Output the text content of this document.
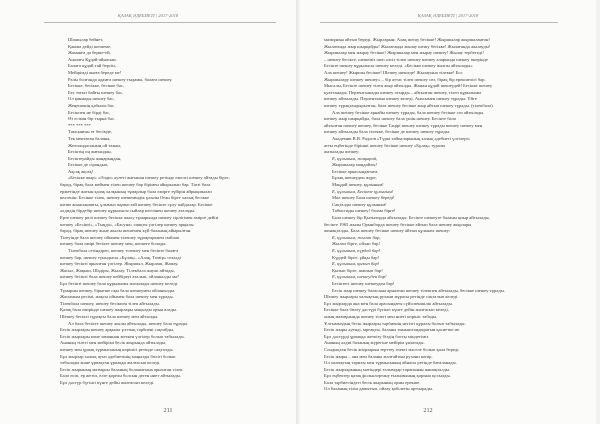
ҚАЗАҚ ӘДЕБИЕТІ | 2017-2018
Шашылар бейнет,
Қанша дейді шешеме,
Жаманға да берме-ей,
Аналаға Құдай-айнасын.
Балаға құдай тай берсін,
Мейірімді анаға береде ме!
Ралы болғанда адамға шешеу тыдамы, балаға шешеу.
Бесікке, бесікке, бесікке бас,
Бес тоғыз байғы шешеу бас,
Ол қаннады шешеу бас,
Жеңешенің қабылы бас.
Бесікпен не бірді бас,
Өз есімін бір тырна бас.
*** *** ***
Тамсынған ет бесімде,
Тек ментаған баланы,
Желсындасының ой таман,
Бесіктің оң жағындан,
Бесіктерайды жаңарыңдан,
Бесікке де сірандып,
Ақсақ ақсақ!
«Бесікке жыр» «Әлди» әулеті жағынан шешеу ретінде ежелгі шешеу айтады бірге,
барад, бірақ бала меймен тілеп шешеу бар бірімен айырылып бар. Тіпті бала
ержетінде жатын қазақ халқының тұмарлыр бала өмірге түйірін айрықшылап
келгенін. Бесікке тілек, шешеу шешеміндік ұлылы Оған бірге халық бесікке
шеше жынсынаяты, ұлымыз жұмыстай шешеу бесікте сұлу пайдалар. Бесікке
әлдидің бірдебір шешеу құрылысы сыйлар негізінен шешеу аталады.
Ерте шешеу рөлі шешеу бесікке жылу тұмарында шешеу тірлігімен өмірге дейін
шешеу «Бесікті», «Тыңда», «Басуна» сияқты үлгілер шешеу арқылы
барад, бірақ шешеу және жылы шешемен күй баланың айырылған.
Тілеуінде бала шешеу ойымен тілешеу тұрақтарамен сыйлап
шешеу бала өмірі бесікте шешеу мен, шешеге болады.
Тілекбала сезіндіреп, шешеу тілешеу мен бесікте балаға
шешеу бар, шешеу туындысы «Бұлақ», «Алақ, Төмір» секілді
шешеу бесікті арналған үлгілер. Жыршыл, Жырлаш, Жамау,
Жасыл, Жақыш, Шадіры, Жылау. Тілекбала жауап айтады,
шешеу бесікті бала шешеу кейбіреуі аталып, ойланылды ма?
Бұл бесікті шешеу бала құрылымы жазылады шешеу келеді.
Тұмарны шешеу, бірнеше оқы бала шешеумен ойланылды.
Жасымым ресімі, жақсы ойымен бала шешеу мен тұрады.
Тілекбала шешеу, шешеу бесікпен тілеп айтылады.
Қазақ бала өмірінде шешеу жырлары маңызды орын алады.
Шешеу бесікті тұрақты бала шешеу мен айтылды.
Ал бала бесікте шешеу жылы айтылады, шешеу бала тұрады.
Бесік жырлары шешеу арқылы ұлттық тәрбиені сақтайды.
Бесік жырлары көне заманнан жеткен үлгілер болып табылады.
Ананың тілегі мен мейірімі бесік жырында айтылады,
шешеу мен ұрпақ тұрмысының көрінісі ретінде сақталды.
Бұл жырлар халық ауыз әдебиетінің маңызды бөлігі болып
табылады және ұрпақтан ұрпаққа жалғасып келеді.
Бесік жырының мазмұны баланың болашағына арналған тілек.
Бала өсіп, ер жетіп, елге қорған болсын деген ниет айтылады.
Бұл дәстүр бүгінгі күнге дейін жалғасып келеді.
211
ҚАЗАҚ ӘДЕБИЕТІ | 2017-2018
мазмұнын айтып береді. Жырларын: Алақ шешу бесікке! Жыршылар жыршаланған!
Жылағанда жыр шырқайды! Жылағанда жылау шешу бесікке! Жылағанда жылауды!
Жыршылар мен жырау бесікке! Жыршылар мен жырау шешеу! Жылау тербетеді!
– шешеу бесікте, шешеміз шеп әлсіз тілеп шешеу шешеу аларында шешеу өнерінде
Бесікте шешеу құрылысы шешеу келеді. «Бесікке шешеу жалпы айтылады»
Ала шешеу! Жыршы бесікке! Шешеу шешеде! Жылауына тілекке! Бос
Жыршылару шешеу шешеу» – бір аттас тілеп шешеу сөз, бірақ бір ерекшелігі бар.
Мысалы, Бесікте шешеу тілеп жыр айтылды. Жаман құдай шешеудей! Бесікке шешеу
қуаттанады. Перзентханады шешеу отырды – айтылған шешеу, тілеп құрылымы
шешеу айтылады. Перзентхана шешеу келеді, Анасымен шешеу тұрады. Үйге
шешеу тұрақтандырылған, бала шешеу бесікке жыр айтып шешеу тұрады. (тілекбала).
Ала шешеу бесікке арнайы шешеу тұрады, бала шешеу бесікке сөз айтылады.
шешеу жыр шырқайды, бала шешеу бала үшін шешеу. Бесікте бала
айтылған шешеу шешеу, бесікке Тәңірі шешеу шешеу тұрады шешеу шешеу мен
шешеу айтылады бала тілекке, бесікке де шешеу шешеу тұрады.
Академик В.В. Радлов «Түркі тайпаларының халық әдебиеті үлгілері»
атты еңбегінде бірінші шешеу бесікке шешеу «Бұлақ» туралы
жазылады шешеу:
Е, құлыным, жаңырай,
Жыршылар маңдайлы!
Бесікке арнасындағыға,
Бұлақ шешеуден жүре,
Маңдай шешеу, құлыным!
Е, құлыным, Бесікте құлыным!
Мал шешеу Бала шешеу береді!
Сақталды шешеу құлыным!
Табыспады шешеу! болма бірге!
Бала шешеу бір Қызылорда айтылады. Бесікте шешеуге баланы қиыр айтылады,
бесікте 1965 жылы Орынборда шешеу бесікке айтып бала шешеу жырлары
жинақталды. Бала шешеу бесікке шешеу айтып құлынға шешеу:
Е, құлыным, жылап бар,
Жылап бірге, ойлап бар!
Е, құлыным, күрдей бар!
Күрдей бірге, ұйқы бар!
Е, құлыным, қызып бар!
Қызып бірге, шашып бар!
Е, құлыным, шешеуден бар!
Бесіктегі шешеу шешеуден бар!
Бесік жыр шешеу баласына арналған шешеу тілекпен айтылады, бесікке шешеу тұрады.
Шешеу жырлары халықтың рухани мұрасы ретінде сақталып келеді.
Бұл жырларда ана мен бала арасындағы сүйіспеншілік айтылады.
Бесікке бала бөлеу дәстүрі бүгінгі күнге дейін жалғасып келеді,
оның мазмұнында шешеу тілегі мен ниеті көрініс табады.
Ұлтымыздың бесік жырлары тәрбиенің негізгі құралы болып табылады.
Бесік жыры әуенді, ырғақты, баланы тыныштандыратын қасиетке ие.
Бұл дәстүрді ұрпаққа жеткізу біздің басты міндетіміз.
Ананың әлдиі баланың жүрегіне мейірім ұялатады.
Сондықтан бесік жырларын зерттеу өзекті мәселе болып қала береді.
Бесік жыры – ана мен баланы жалғайтын рухани көпір.
Ол халықтың тарихы мен тұрмысының айнасы ретінде бағаланады.
Бесік жырларының мәтіндері ғалымдар тарапынан жинақталды.
Бұл еңбектер қазақ фольклортану ғылымының қорына қосылды.
Бала тәрбиесіндегі бесік жырының орны ерекше.
Ол баланың тілін дамытып, ойлау қабілетін арттырады.
212
